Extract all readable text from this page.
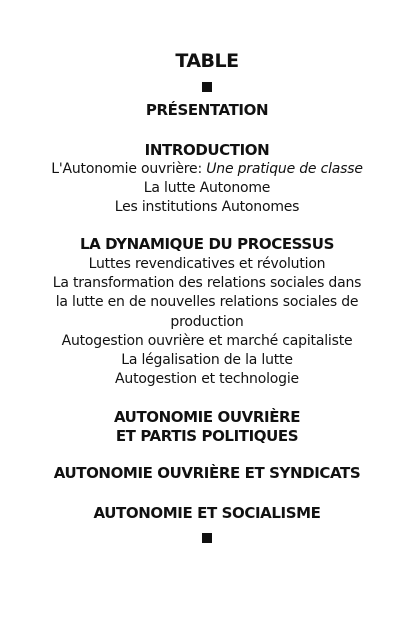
TABLE
PRÉSENTATION
INTRODUCTION
L'Autonomie ouvrière: Une pratique de classe
La lutte Autonome
Les institutions Autonomes
LA DYNAMIQUE DU PROCESSUS
Luttes revendicatives et révolution
La transformation des relations sociales dans
la lutte en de nouvelles relations sociales de
production
Autogestion ouvrière et marché capitaliste
La légalisation de la lutte
Autogestion et technologie
AUTONOMIE OUVRIÈRE
ET PARTIS POLITIQUES
AUTONOMIE OUVRIÈRE ET SYNDICATS
AUTONOMIE ET SOCIALISME
